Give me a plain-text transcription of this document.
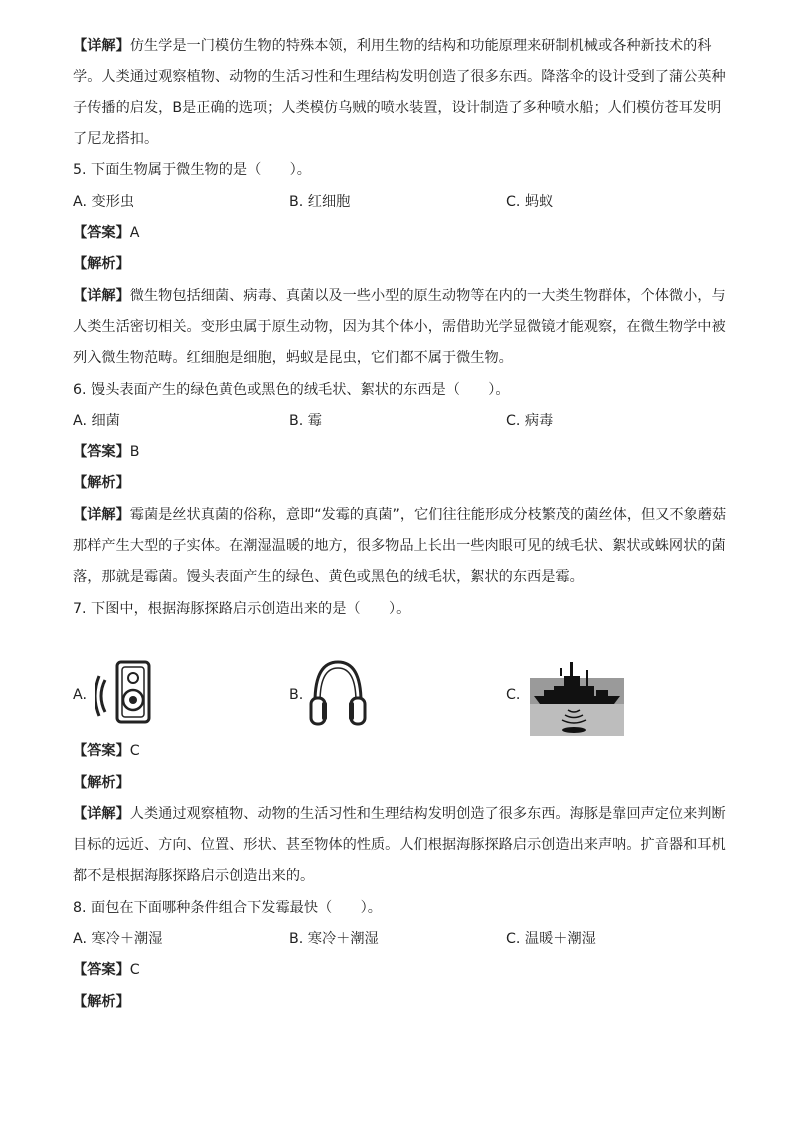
【详解】仿生学是一门模仿生物的特殊本领，利用生物的结构和功能原理来研制机械或各种新技术的科
学。人类通过观察植物、动物的生活习性和生理结构发明创造了很多东西。降落伞的设计受到了蒲公英种
子传播的启发，B是正确的选项；人类模仿乌贼的喷水装置，设计制造了多种喷水船；人们模仿苍耳发明
了尼龙搭扣。
5. 下面生物属于微生物的是（　　）。
A. 变形虫	B. 红细胞	C. 蚂蚁
【答案】A
【解析】
【详解】微生物包括细菌、病毒、真菌以及一些小型的原生动物等在内的一大类生物群体，个体微小，与
人类生活密切相关。变形虫属于原生动物，因为其个体小，需借助光学显微镜才能观察，在微生物学中被
列入微生物范畴。红细胞是细胞，蚂蚁是昆虫，它们都不属于微生物。
6. 馒头表面产生的绿色黄色或黑色的绒毛状、絮状的东西是（　　）。
A. 细菌	B. 霉	C. 病毒
【答案】B
【解析】
【详解】霉菌是丝状真菌的俗称，意即“发霉的真菌”，它们往往能形成分枝繁茂的菌丝体，但又不象蘑菇
那样产生大型的子实体。在潮湿温暖的地方，很多物品上长出一些肉眼可见的绒毛状、絮状或蛛网状的菌
落，那就是霉菌。馒头表面产生的绿色、黄色或黑色的绒毛状，絮状的东西是霉。
7. 下图中，根据海豚探路启示创造出来的是（　　）。
A.	B.	C.
【答案】C
【解析】
【详解】人类通过观察植物、动物的生活习性和生理结构发明创造了很多东西。海豚是靠回声定位来判断
目标的远近、方向、位置、形状、甚至物体的性质。人们根据海豚探路启示创造出来声呐。扩音器和耳机
都不是根据海豚探路启示创造出来的。
8. 面包在下面哪种条件组合下发霉最快（　　）。
A. 寒冷＋潮湿	B. 寒冷＋潮湿	C. 温暖＋潮湿
【答案】C
【解析】
